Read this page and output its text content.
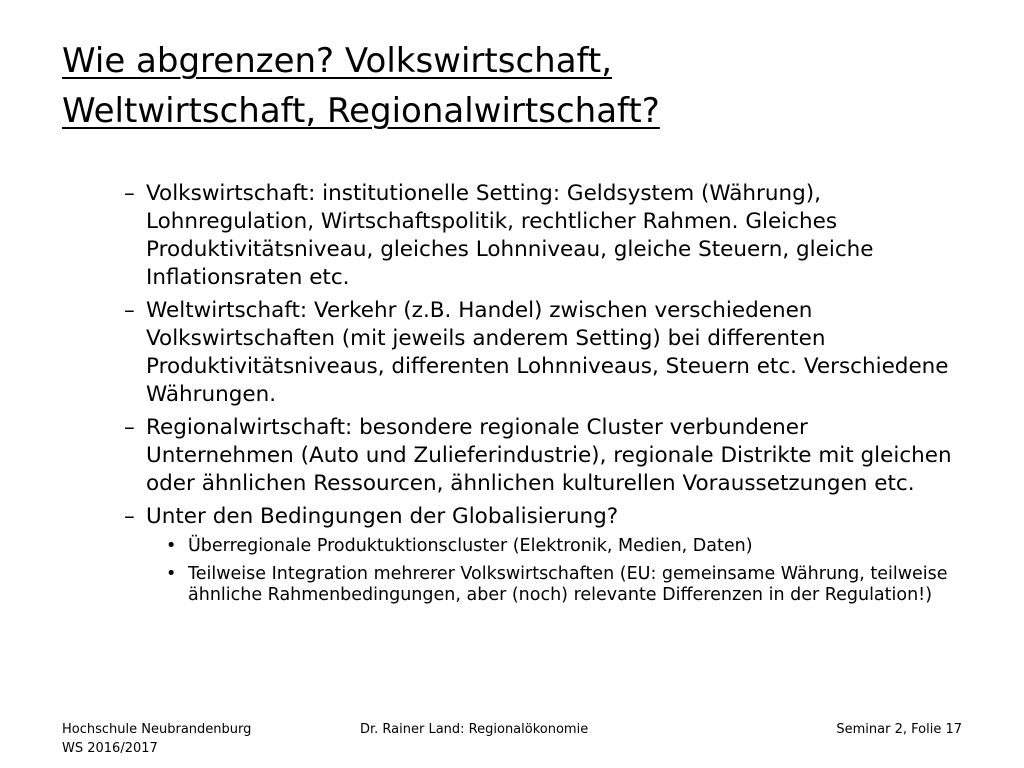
Wie abgrenzen? Volkswirtschaft,
Weltwirtschaft, Regionalwirtschaft?
– Volkswirtschaft: institutionelle Setting: Geldsystem (Währung), Lohnregulation, Wirtschaftspolitik, rechtlicher Rahmen. Gleiches Produktivitätsniveau, gleiches Lohnniveau, gleiche Steuern, gleiche Inflationsraten etc.
– Weltwirtschaft: Verkehr (z.B. Handel) zwischen verschiedenen Volkswirtschaften (mit jeweils anderem Setting) bei differenten Produktivitätsniveaus, differenten Lohnniveaus, Steuern etc. Verschiedene Währungen.
– Regionalwirtschaft: besondere regionale Cluster verbundener Unternehmen (Auto und Zulieferindustrie), regionale Distrikte mit gleichen oder ähnlichen Ressourcen, ähnlichen kulturellen Voraussetzungen etc.
– Unter den Bedingungen der Globalisierung?
• Überregionale Produktuktionscluster (Elektronik, Medien, Daten)
• Teilweise Integration mehrerer Volkswirtschaften (EU: gemeinsame Währung, teilweise ähnliche Rahmenbedingungen, aber (noch) relevante Differenzen in der Regulation!)
Hochschule Neubrandenburg
WS 2016/2017
Dr. Rainer Land: Regionalökonomie	Seminar 2, Folie 17
